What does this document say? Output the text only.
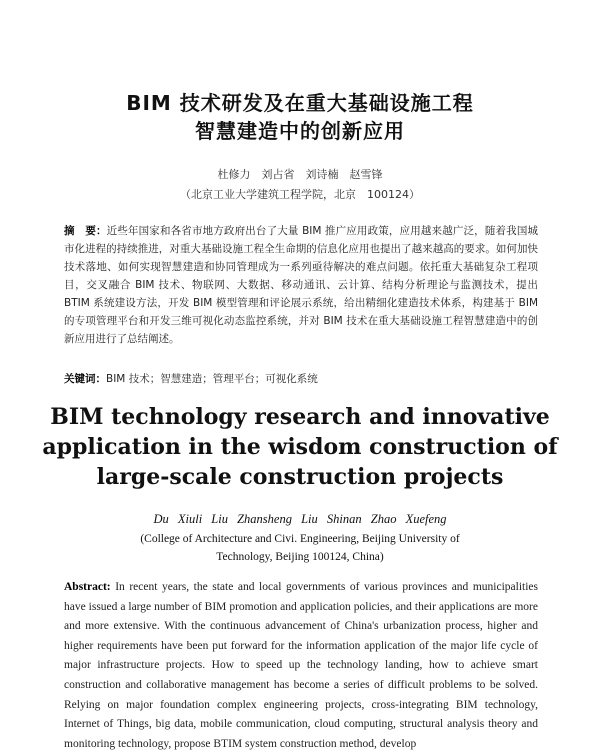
BIM 技术研发及在重大基础设施工程
智慧建造中的创新应用
杜修力　刘占省　刘诗楠　赵雪锋
（北京工业大学建筑工程学院，北京　100124）
摘　要：近些年国家和各省市地方政府出台了大量 BIM 推广应用政策，应用越来越广泛，随着我国城市化进程的持续推进，对重大基础设施工程全生命期的信息化应用也提出了越来越高的要求。如何加快技术落地、如何实现智慧建造和协同管理成为一系列亟待解决的难点问题。依托重大基础复杂工程项目，交叉融合 BIM 技术、物联网、大数据、移动通讯、云计算、结构分析理论与监测技术，提出 BTIM 系统建设方法，开发 BIM 模型管理和评论展示系统，给出精细化建造技术体系，构建基于 BIM 的专项管理平台和开发三维可视化动态监控系统，并对 BIM 技术在重大基础设施工程智慧建造中的创新应用进行了总结阐述。
关键词：BIM 技术；智慧建造；管理平台；可视化系统
BIM technology research and innovative application in the wisdom construction of large-scale construction projects
Du Xiuli Liu Zhansheng Liu Shinan Zhao Xuefeng
(College of Architecture and Civi. Engineering, Beijing University of Technology, Beijing 100124, China)
Abstract: In recent years, the state and local governments of various provinces and municipalities have issued a large number of BIM promotion and application policies, and their applications are more and more extensive. With the continuous advancement of China's urbanization process, higher and higher requirements have been put forward for the information application of the major life cycle of major infrastructure projects. How to speed up the technology landing, how to achieve smart construction and collaborative management has become a series of difficult problems to be solved. Relying on major foundation complex engineering projects, cross-integrating BIM technology, Internet of Things, big data, mobile communication, cloud computing, structural analysis theory and monitoring technology, propose BTIM system construction method, develop
